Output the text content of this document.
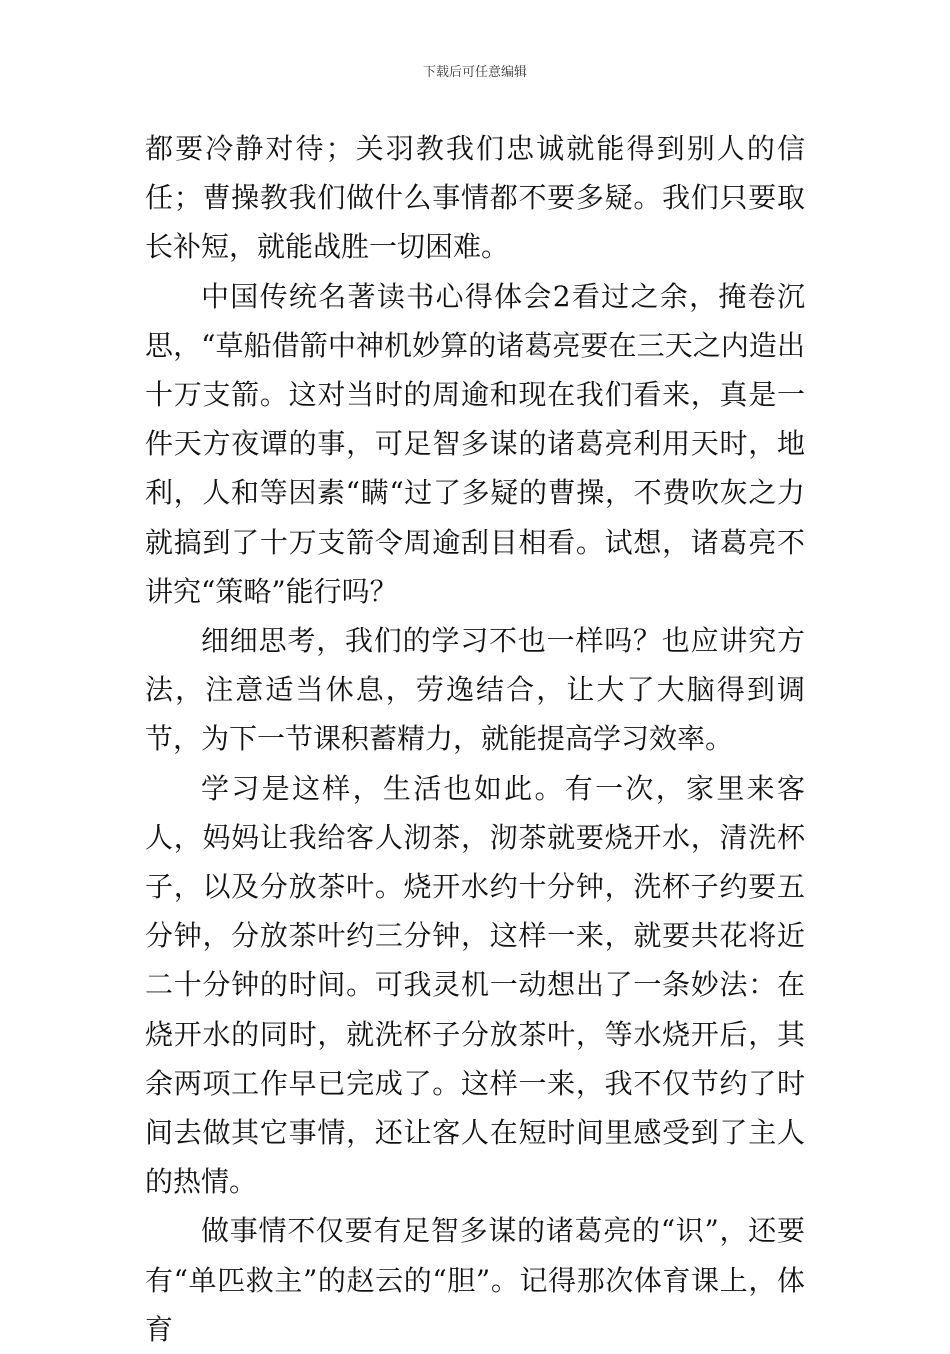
下载后可任意编辑

都要冷静对待；关羽教我们忠诚就能得到别人的信任；曹操教我们做什么事情都不要多疑。我们只要取长补短，就能战胜一切困难。

中国传统名著读书心得体会2看过之余，掩卷沉思，“草船借箭中神机妙算的诸葛亮要在三天之内造出十万支箭。这对当时的周逾和现在我们看来，真是一件天方夜谭的事，可足智多谋的诸葛亮利用天时，地利，人和等因素“瞒“过了多疑的曹操，不费吹灰之力就搞到了十万支箭令周逾刮目相看。试想，诸葛亮不讲究“策略”能行吗？

细细思考，我们的学习不也一样吗？也应讲究方法，注意适当休息，劳逸结合，让大了大脑得到调节，为下一节课积蓄精力，就能提高学习效率。

学习是这样，生活也如此。有一次，家里来客人，妈妈让我给客人沏茶，沏茶就要烧开水，清洗杯子，以及分放茶叶。烧开水约十分钟，洗杯子约要五分钟，分放茶叶约三分钟，这样一来，就要共花将近二十分钟的时间。可我灵机一动想出了一条妙法：在烧开水的同时，就洗杯子分放茶叶，等水烧开后，其余两项工作早已完成了。这样一来，我不仅节约了时间去做其它事情，还让客人在短时间里感受到了主人的热情。

做事情不仅要有足智多谋的诸葛亮的“识”，还要有“单匹救主”的赵云的“胆”。记得那次体育课上，体育
